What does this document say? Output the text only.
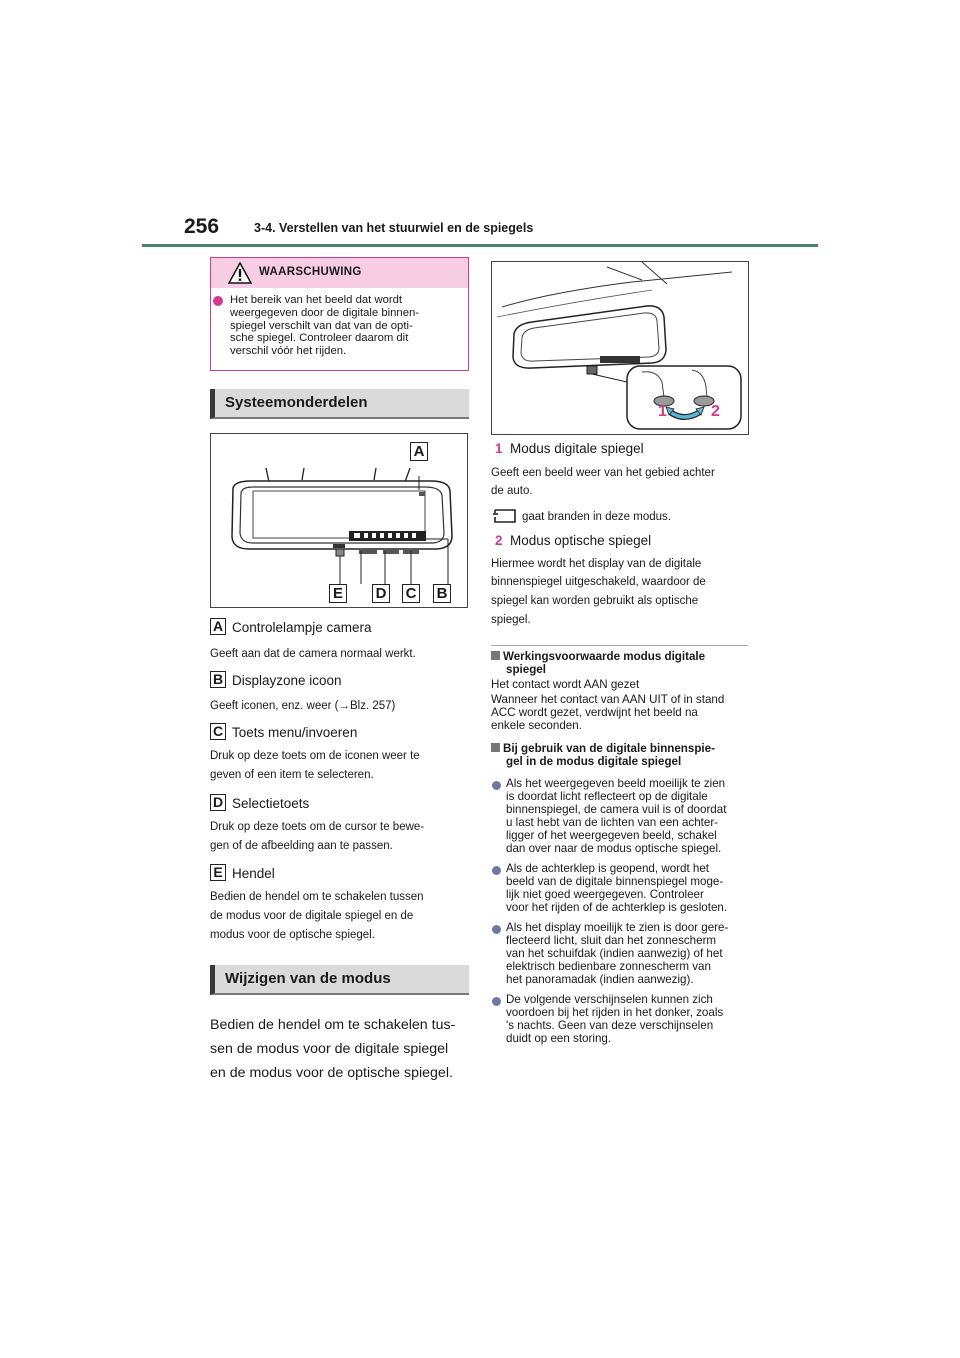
256	3-4. Verstellen van het stuurwiel en de spiegels
WAARSCHUWING
Het bereik van het beeld dat wordt
weergegeven door de digitale binnen-
spiegel verschilt van dat van de opti-
sche spiegel. Controleer daarom dit
verschil vóór het rijden.
Systeemonderdelen
A
E D C B
A Controlelampje camera
Geeft aan dat de camera normaal werkt.
B Displayzone icoon
Geeft iconen, enz. weer (→Blz. 257)
C Toets menu/invoeren
Druk op deze toets om de iconen weer te
geven of een item te selecteren.
D Selectietoets
Druk op deze toets om de cursor te bewe-
gen of de afbeelding aan te passen.
E Hendel
Bedien de hendel om te schakelen tussen
de modus voor de digitale spiegel en de
modus voor de optische spiegel.
Wijzigen van de modus
Bedien de hendel om te schakelen tus-
sen de modus voor de digitale spiegel
en de modus voor de optische spiegel.
1	2
1 Modus digitale spiegel
Geeft een beeld weer van het gebied achter
de auto.
gaat branden in deze modus.
2 Modus optische spiegel
Hiermee wordt het display van de digitale
binnenspiegel uitgeschakeld, waardoor de
spiegel kan worden gebruikt als optische
spiegel.
Werkingsvoorwaarde modus digitale
spiegel
Het contact wordt AAN gezet
Wanneer het contact van AAN UIT of in stand
ACC wordt gezet, verdwijnt het beeld na
enkele seconden.
Bij gebruik van de digitale binnenspie-
gel in de modus digitale spiegel
Als het weergegeven beeld moeilijk te zien
is doordat licht reflecteert op de digitale
binnenspiegel, de camera vuil is of doordat
u last hebt van de lichten van een achter-
ligger of het weergegeven beeld, schakel
dan over naar de modus optische spiegel.
Als de achterklep is geopend, wordt het
beeld van de digitale binnenspiegel moge-
lijk niet goed weergegeven. Controleer
voor het rijden of de achterklep is gesloten.
Als het display moeilijk te zien is door gere-
flecteerd licht, sluit dan het zonnescherm
van het schuifdak (indien aanwezig) of het
elektrisch bedienbare zonnescherm van
het panoramadak (indien aanwezig).
De volgende verschijnselen kunnen zich
voordoen bij het rijden in het donker, zoals
's nachts. Geen van deze verschijnselen
duidt op een storing.
